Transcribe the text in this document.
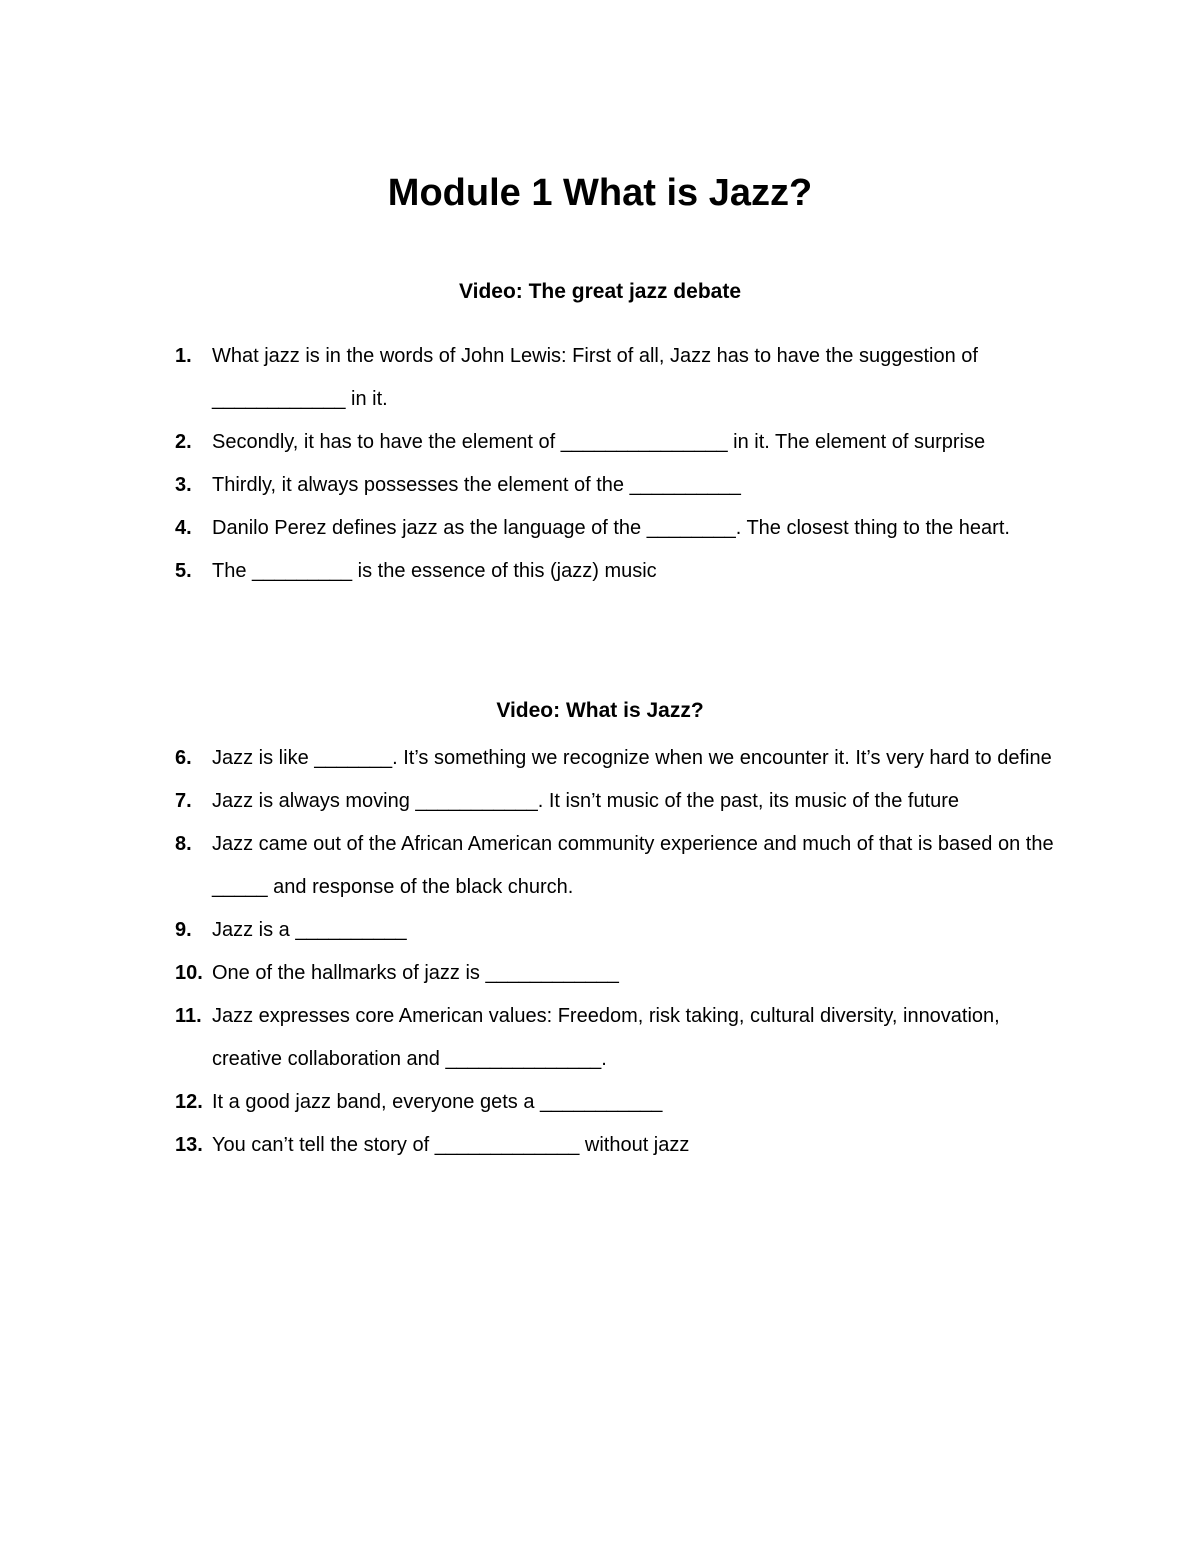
Module 1 What is Jazz?
Video: The great jazz debate
1. What jazz is in the words of John Lewis: First of all, Jazz has to have the suggestion of ____________ in it.
2. Secondly, it has to have the element of _______________ in it. The element of surprise
3. Thirdly, it always possesses the element of the __________
4. Danilo Perez defines jazz as the language of the ________. The closest thing to the heart.
5. The _________ is the essence of this (jazz) music
Video: What is Jazz?
6. Jazz is like _______. It’s something we recognize when we encounter it. It’s very hard to define
7. Jazz is always moving ___________. It isn’t music of the past, its music of the future
8. Jazz came out of the African American community experience and much of that is based on the _____ and response of the black church.
9. Jazz is a __________
10. One of the hallmarks of jazz is ____________
11. Jazz expresses core American values: Freedom, risk taking, cultural diversity, innovation, creative collaboration and ______________.
12. It a good jazz band, everyone gets a ___________
13. You can’t tell the story of _____________ without jazz
